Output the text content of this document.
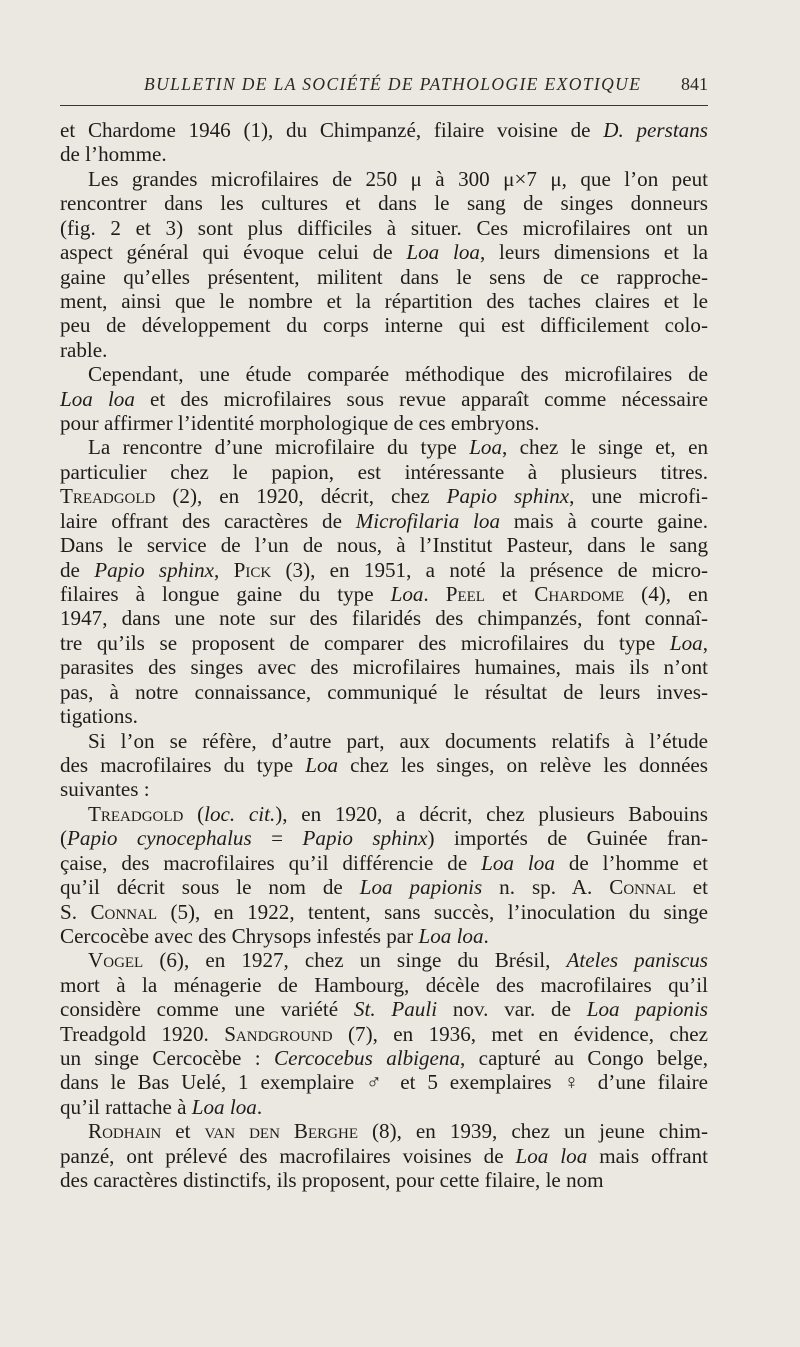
BULLETIN DE LA SOCIÉTÉ DE PATHOLOGIE EXOTIQUE 841
et Chardome 1946 (1), du Chimpanzé, filaire voisine de D. perstans
de l’homme.
Les grandes microfilaires de 250 μ à 300 μ×7 μ, que l’on peut
rencontrer dans les cultures et dans le sang de singes donneurs
(fig. 2 et 3) sont plus difficiles à situer. Ces microfilaires ont un
aspect général qui évoque celui de Loa loa, leurs dimensions et la
gaine qu’elles présentent, militent dans le sens de ce rapproche-
ment, ainsi que le nombre et la répartition des taches claires et le
peu de développement du corps interne qui est difficilement colo-
rable.
Cependant, une étude comparée méthodique des microfilaires de
Loa loa et des microfilaires sous revue apparaît comme nécessaire
pour affirmer l’identité morphologique de ces embryons.
La rencontre d’une microfilaire du type Loa, chez le singe et, en
particulier chez le papion, est intéressante à plusieurs titres.
Treadgold (2), en 1920, décrit, chez Papio sphinx, une microfi-
laire offrant des caractères de Microfilaria loa mais à courte gaine.
Dans le service de l’un de nous, à l’Institut Pasteur, dans le sang
de Papio sphinx, Pick (3), en 1951, a noté la présence de micro-
filaires à longue gaine du type Loa. Peel et Chardome (4), en
1947, dans une note sur des filaridés des chimpanzés, font connaî-
tre qu’ils se proposent de comparer des microfilaires du type Loa,
parasites des singes avec des microfilaires humaines, mais ils n’ont
pas, à notre connaissance, communiqué le résultat de leurs inves-
tigations.
Si l’on se réfère, d’autre part, aux documents relatifs à l’étude
des macrofilaires du type Loa chez les singes, on relève les données
suivantes :
Treadgold (loc. cit.), en 1920, a décrit, chez plusieurs Babouins
(Papio cynocephalus = Papio sphinx) importés de Guinée fran-
çaise, des macrofilaires qu’il différencie de Loa loa de l’homme et
qu’il décrit sous le nom de Loa papionis n. sp. A. Connal et
S. Connal (5), en 1922, tentent, sans succès, l’inoculation du singe
Cercocèbe avec des Chrysops infestés par Loa loa.
Vogel (6), en 1927, chez un singe du Brésil, Ateles paniscus
mort à la ménagerie de Hambourg, décèle des macrofilaires qu’il
considère comme une variété St. Pauli nov. var. de Loa papionis
Treadgold 1920. Sandground (7), en 1936, met en évidence, chez
un singe Cercocèbe : Cercocebus albigena, capturé au Congo belge,
dans le Bas Uelé, 1 exemplaire ♂ et 5 exemplaires ♀ d’une filaire
qu’il rattache à Loa loa.
Rodhain et van den Berghe (8), en 1939, chez un jeune chim-
panzé, ont prélevé des macrofilaires voisines de Loa loa mais offrant
des caractères distinctifs, ils proposent, pour cette filaire, le nom
